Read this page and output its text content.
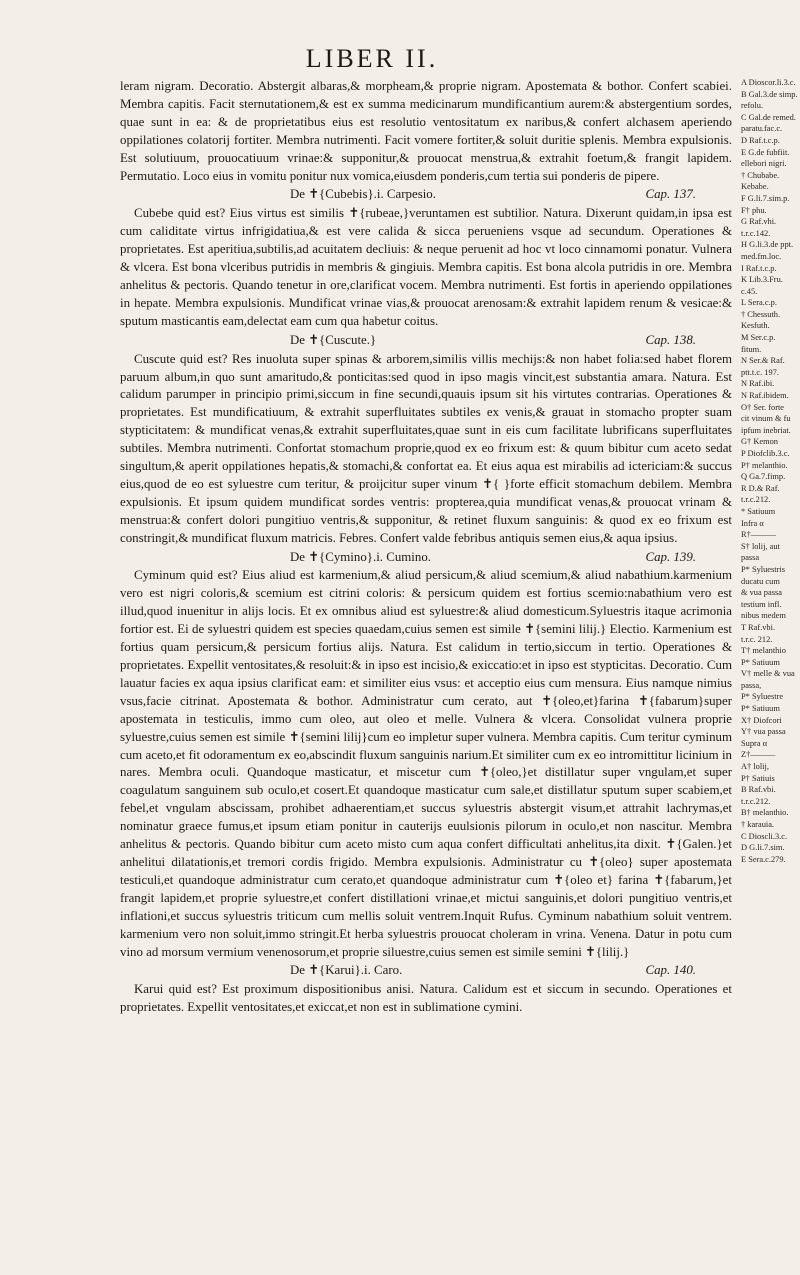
LIBER II.

leram nigram. Decoratio. Abstergit albaras,& morpheam,& proprie nigram. Apostemata & bothor. Confert scabiei. Membra capitis. Facit sternutationem,& est ex summa medicinarum mundificantium aurem:& abstergentium sordes, quae sunt in ea: & de proprietatibus eius est resolutio ventositatum ex naribus,& confert alchasem aperiendo oppilationes colatorij fortiter. Membra nutrimenti. Facit vomere fortiter,& soluit duritie splenis. Membra expulsionis. Est solutiuum, prouocatiuum vrinae:& supponitur,& prouocat menstrua,& extrahit foetum,& frangit lapidem. Permutatio. Loco eius in vomitu ponitur nux vomica,eiusdem ponderis,cum tertia sui ponderis de pipere.

De ✝{Cubebis}.i. Carpesio.	Cap. 137.

Cubebe quid est? Eius virtus est similis ✝{rubeae,}veruntamen est subtilior. Natura. Dixerunt quidam,in ipsa est cum caliditate virtus infrigidatiua,& est vere calida & sicca perueniens vsque ad secundum. Operationes & proprietates. Est aperitiua,subtilis,ad acuitatem decliuis: & neque peruenit ad hoc vt loco cinnamomi ponatur. Vulnera & vlcera. Est bona vlceribus putridis in membris & gingiuis. Membra capitis. Est bona alcola putridis in ore. Membra anhelitus & pectoris. Quando tenetur in ore,clarificat vocem. Membra nutrimenti. Est fortis in aperiendo oppilationes in hepate. Membra expulsionis. Mundificat vrinae vias,& prouocat arenosam:& extrahit lapidem renum & vesicae:& sputum masticantis eam,delectat eam cum qua habetur coitus.

De ✝{Cuscute.}	Cap. 138.

Cuscute quid est? Res inuoluta super spinas & arborem,similis villis mechijs:& non habet folia:sed habet florem paruum album,in quo sunt amaritudo,& ponticitas:sed quod in ipso magis vincit,est substantia amara. Natura. Est calidum parumper in principio primi,siccum in fine secundi,quauis ipsum sit his virtutes contrarias. Operationes & proprietates. Est mundificatiuum, & extrahit superfluitates subtiles ex venis,& grauat in stomacho propter suam stypticitatem: & mundificat venas,& extrahit superfluitates,quae sunt in eis cum facilitate lubrificans superfluitates subtiles. Membra nutrimenti. Confortat stomachum proprie,quod ex eo frixum est: & quum bibitur cum aceto sedat singultum,& aperit oppilationes hepatis,& stomachi,& confortat ea. Et eius aqua est mirabilis ad ictericiam:& succus eius,quod de eo est syluestre cum teritur, & proijcitur super vinum ✝{ }forte efficit stomachum debilem. Membra expulsionis. Et ipsum quidem mundificat sordes ventris: propterea,quia mundificat venas,& prouocat vrinam & menstrua:& confert dolori pungitiuo ventris,& supponitur, & retinet fluxum sanguinis: & quod ex eo frixum est constringit,& mundificat fluxum matricis. Febres. Confert valde febribus antiquis semen eius,& aqua ipsius.

De ✝{Cymino}.i. Cumino.	Cap. 139.

Cyminum quid est? Eius aliud est karmenium,& aliud persicum,& aliud scemium,& aliud nabathium.karmenium vero est nigri coloris,& scemium est citrini coloris: & persicum quidem est fortius scemio:nabathium vero est illud,quod inuenitur in alijs locis. Et ex omnibus aliud est syluestre:& aliud domesticum.Syluestris itaque acrimonia fortior est. Ei de syluestri quidem est species quaedam,cuius semen est simile ✝{semini lilij.} Electio. Karmenium est fortius quam persicum,& persicum fortius alijs. Natura. Est calidum in tertio,siccum in tertio. Operationes & proprietates. Expellit ventositates,& resoluit:& in ipso est incisio,& exiccatio:et in ipso est stypticitas. Decoratio. Cum lauatur facies ex aqua ipsius clarificat eam: et similiter eius vsus: et acceptio eius cum mensura. Eius namque nimius vsus,facie citrinat. Apostemata & bothor. Administratur cum cerato, aut ✝{oleo,et}farina ✝{fabarum}super apostemata in testiculis, immo cum oleo, aut oleo et melle. Vulnera & vlcera. Consolidat vulnera proprie syluestre,cuius semen est simile ✝{semini lilij}cum eo impletur super vulnera. Membra capitis. Cum teritur cyminum cum aceto,et fit odoramentum ex eo,abscindit fluxum sanguinis narium.Et similiter cum ex eo intromittitur licinium in nares. Membra oculi. Quandoque masticatur, et miscetur cum ✝{oleo,}et distillatur super vngulam,et super coagulatum sanguinem sub oculo,et cosert.Et quandoque masticatur cum sale,et distillatur sputum super scabiem,et febel,et vngulam abscissam, prohibet adhaerentiam,et succus syluestris abstergit visum,et attrahit lachrymas,et nominatur graece fumus,et ipsum etiam ponitur in cauterijs euulsionis pilorum in oculo,et non nascitur. Membra anhelitus & pectoris. Quando bibitur cum aceto misto cum aqua confert difficultati anhelitus,ita dixit. ✝{Galen.}et anhelitui dilatationis,et tremori cordis frigido. Membra expulsionis. Administratur cu ✝{oleo} super apostemata testiculi,et quandoque administratur cum cerato,et quandoque administratur cum ✝{oleo et} farina ✝{fabarum,}et frangit lapidem,et proprie syluestre,et confert distillationi vrinae,et mictui sanguinis,et dolori pungitiuo ventris,et inflationi,et succus syluestris triticum cum mellis soluit ventrem.Inquit Rufus. Cyminum nabathium soluit ventrem. karmenium vero non soluit,immo stringit.Et herba syluestris prouocat choleram in vrina. Venena. Datur in potu cum vino ad morsum vermium venenosorum,et proprie siluestre,cuius semen est simile semini ✝{lilij.}

De ✝{Karui}.i. Caro.	Cap. 140.

Karui quid est? Est proximum dispositionibus anisi. Natura. Calidum est et siccum in secundo. Operationes et proprietates. Expellit ventositates,et exiccat,et non est in sublimatione cymini.

A Dioscor.li.3.c.
B Gal.3.de simp.
refolu.
C Gal.de remed.
paratu.fac.c.
D Raf.t.c.p.
E G.de fubfiit.
ellebori nigri.
† Chubabe.
Kebabe.
F G.li.7.sim.p.
F† phu.
G Raf.vhi.
t.r.c.142.
H G.li.3.de ppt.
med.fm.loc.
I Raf.t.c.p.
K Lib.3.Fru.
c.45.
L Sera.c.p.
† Chessuth.
Kesfuth.
M Ser.c.p.
fitum.
N Ser.& Raf.
ptt.t.c. 197.
N Raf.ibi.
N Raf.ibidem.
O† Ser. forte
cit vinum & fu
ipfum inebriat.
G† Kemon
P Diofclib.3.c.
P† melanthio.
Q Ga.7.fimp.
R D.& Raf.
t.r.c.212.
* Satiuum
Infra α
R†———
S† lolij, aut
passa
P* Syluestris
ducatu cum
& vua passa
testium infl.
nibus medem
T Raf.vbi.
t.r.c. 212.
T† melanthio
P* Satiuum
V† melle & vua
passa,
P* Syluestre
P* Satiuum
X† Diofcori
Y† vua passa
Supra α
Z†———
A† lolij,
P† Satiuis
B Raf.vbi.
t.r.c.212.
B† melanthio.
† karauia.
C Dioscli.3.c.
D G.li.7.sim.
E Sera.c.279.
